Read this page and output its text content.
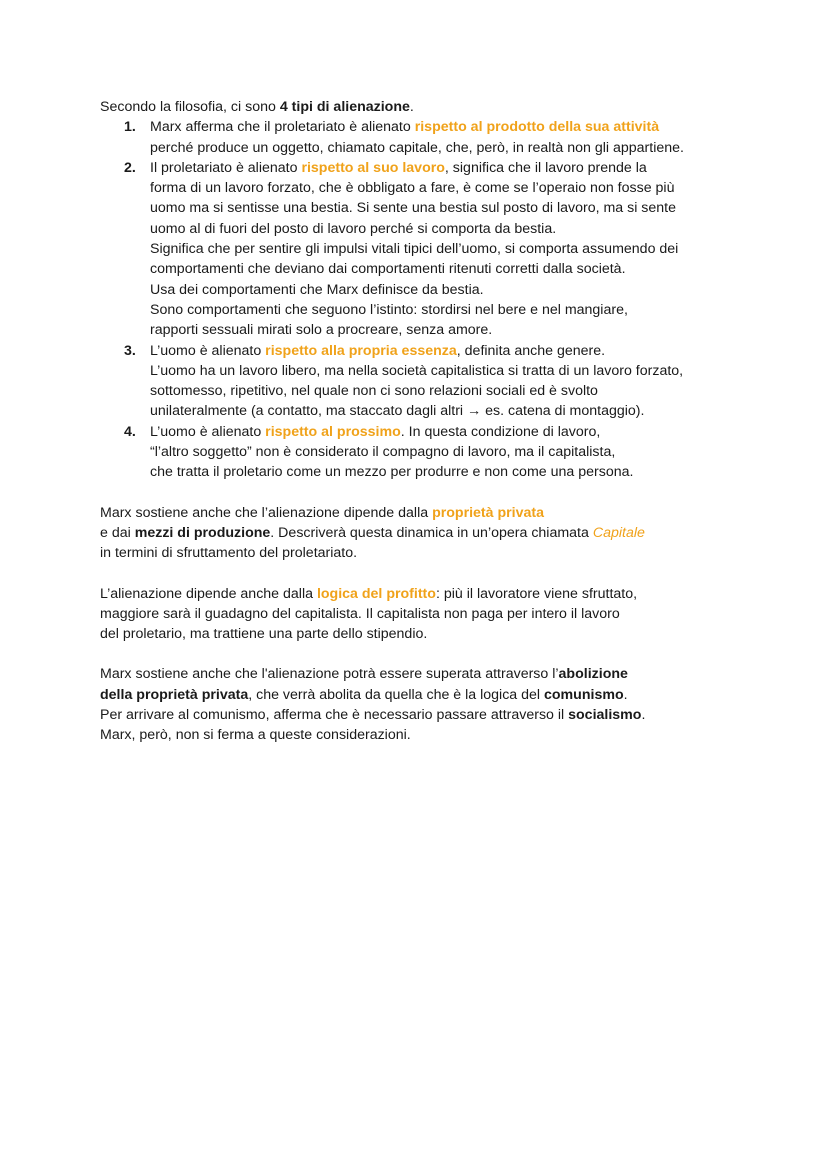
Secondo la filosofia, ci sono 4 tipi di alienazione.

1. Marx afferma che il proletariato è alienato rispetto al prodotto della sua attività
perché produce un oggetto, chiamato capitale, che, però, in realtà non gli appartiene.
2. Il proletariato è alienato rispetto al suo lavoro, significa che il lavoro prende la
forma di un lavoro forzato, che è obbligato a fare, è come se l’operaio non fosse più
uomo ma si sentisse una bestia. Si sente una bestia sul posto di lavoro, ma si sente
uomo al di fuori del posto di lavoro perché si comporta da bestia.
Significa che per sentire gli impulsi vitali tipici dell’uomo, si comporta assumendo dei
comportamenti che deviano dai comportamenti ritenuti corretti dalla società.
Usa dei comportamenti che Marx definisce da bestia.
Sono comportamenti che seguono l’istinto: stordirsi nel bere e nel mangiare,
rapporti sessuali mirati solo a procreare, senza amore.
3. L’uomo è alienato rispetto alla propria essenza, definita anche genere.
L’uomo ha un lavoro libero, ma nella società capitalistica si tratta di un lavoro forzato,
sottomesso, ripetitivo, nel quale non ci sono relazioni sociali ed è svolto
unilateralmente (a contatto, ma staccato dagli altri → es. catena di montaggio).
4. L’uomo è alienato rispetto al prossimo. In questa condizione di lavoro,
“l’altro soggetto” non è considerato il compagno di lavoro, ma il capitalista,
che tratta il proletario come un mezzo per produrre e non come una persona.

Marx sostiene anche che l’alienazione dipende dalla proprietà privata
e dai mezzi di produzione. Descriverà questa dinamica in un’opera chiamata Capitale
in termini di sfruttamento del proletariato.

L’alienazione dipende anche dalla logica del profitto: più il lavoratore viene sfruttato,
maggiore sarà il guadagno del capitalista. Il capitalista non paga per intero il lavoro
del proletario, ma trattiene una parte dello stipendio.

Marx sostiene anche che l'alienazione potrà essere superata attraverso l’abolizione
della proprietà privata, che verrà abolita da quella che è la logica del comunismo.
Per arrivare al comunismo, afferma che è necessario passare attraverso il socialismo.
Marx, però, non si ferma a queste considerazioni.
